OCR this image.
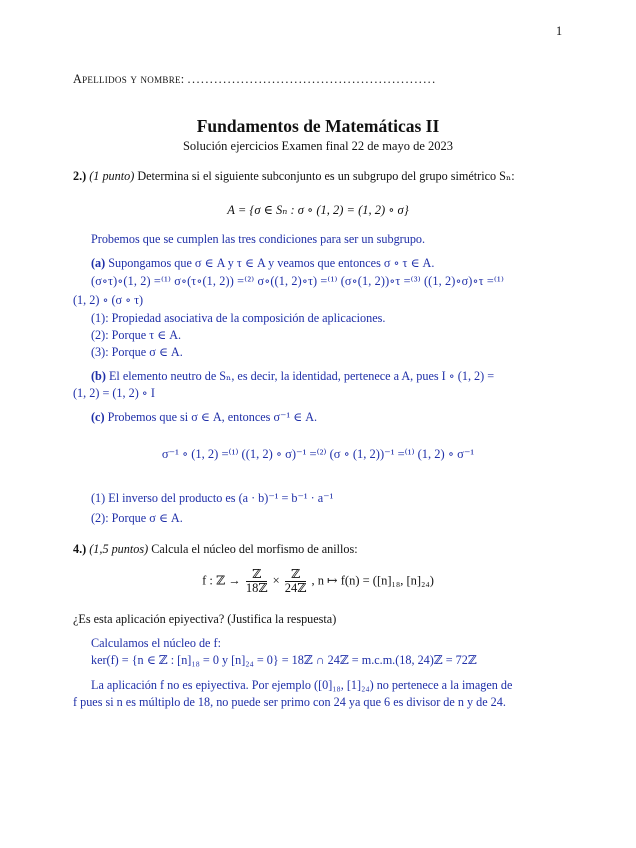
1
Apellidos y nombre: ........................................................
Fundamentos de Matemáticas II
Solución ejercicios Examen final 22 de mayo de 2023
2.) (1 punto) Determina si el siguiente subconjunto es un subgrupo del grupo simétrico Sₙ:
A = {σ ∈ Sₙ : σ ∘ (1, 2) = (1, 2) ∘ σ}
Probemos que se cumplen las tres condiciones para ser un subgrupo.
(a) Supongamos que σ ∈ A y τ ∈ A y veamos que entonces σ ∘ τ ∈ A.
(σ∘τ)∘(1, 2) =⁽¹⁾ σ∘(τ∘(1, 2)) =⁽²⁾ σ∘((1, 2)∘τ) =⁽¹⁾ (σ∘(1, 2))∘τ =⁽³⁾ ((1, 2)∘σ)∘τ =⁽¹⁾
(1, 2) ∘ (σ ∘ τ)
(1): Propiedad asociativa de la composición de aplicaciones.
(2): Porque τ ∈ A.
(3): Porque σ ∈ A.
(b) El elemento neutro de Sₙ, es decir, la identidad, pertenece a A, pues I ∘ (1, 2) =
(1, 2) = (1, 2) ∘ I
(c) Probemos que si σ ∈ A, entonces σ⁻¹ ∈ A.
σ⁻¹ ∘ (1, 2) =⁽¹⁾ ((1, 2) ∘ σ)⁻¹ =⁽²⁾ (σ ∘ (1, 2))⁻¹ =⁽¹⁾ (1, 2) ∘ σ⁻¹
(1) El inverso del producto es (a · b)⁻¹ = b⁻¹ · a⁻¹
(2): Porque σ ∈ A.
4.) (1,5 puntos) Calcula el núcleo del morfismo de anillos:
f : ℤ → $\frac{\text{ℤ}}{\text{18ℤ}} \times \frac{\text{ℤ}}{\text{24ℤ}}$ , n ↦ f(n) = ([n]₁₈, [n]₂₄)
¿Es esta aplicación epiyectiva? (Justifica la respuesta)
Calculamos el núcleo de f:
ker(f) = {n ∈ ℤ : [n]₁₈ = 0 y [n]₂₄ = 0} = 18ℤ ∩ 24ℤ = m.c.m.(18, 24)ℤ = 72ℤ
La aplicación f no es epiyectiva. Por ejemplo ([0]₁₈, [1]₂₄) no pertenece a la imagen de
f pues si n es múltiplo de 18, no puede ser primo con 24 ya que 6 es divisor de n y de 24.
